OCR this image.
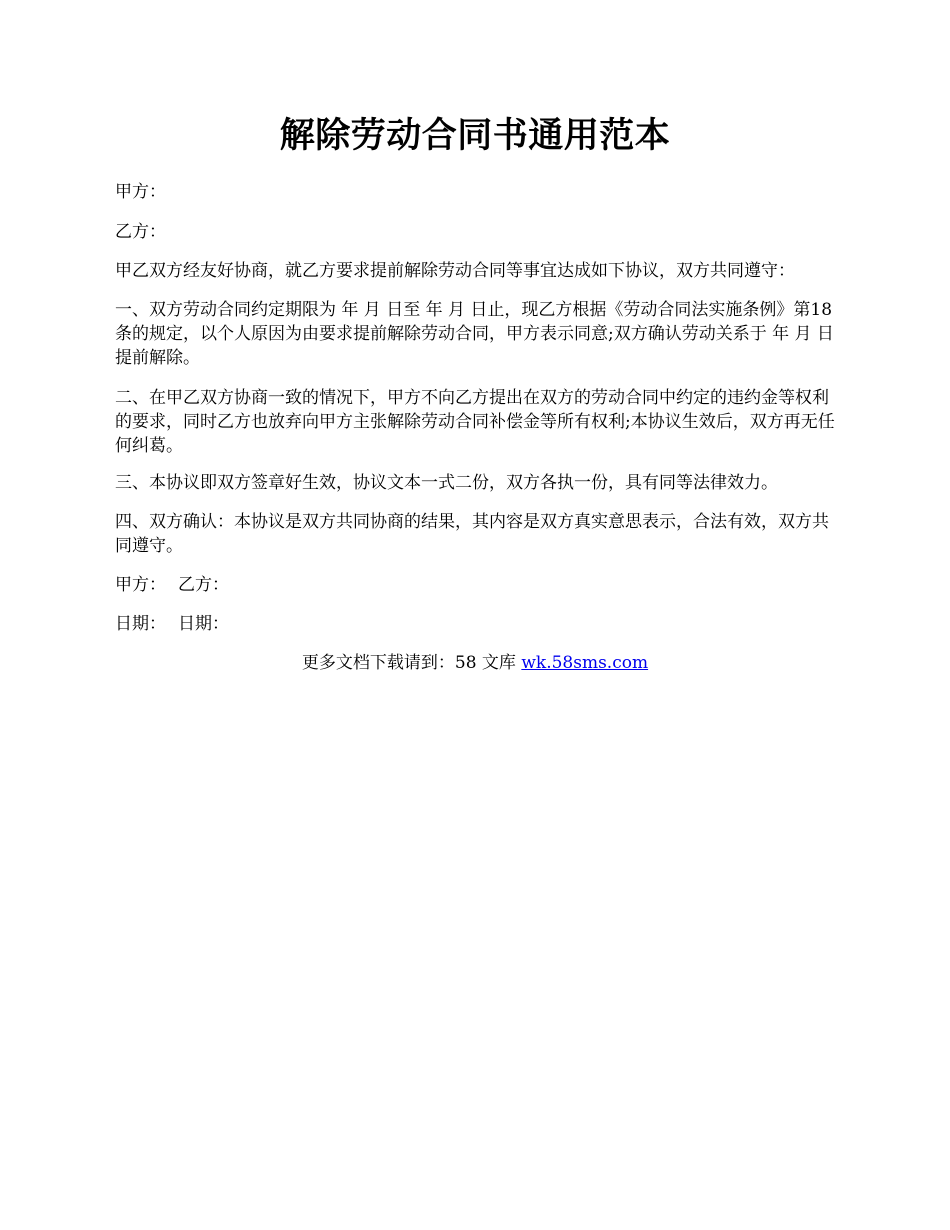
解除劳动合同书通用范本

甲方：

乙方：

甲乙双方经友好协商，就乙方要求提前解除劳动合同等事宜达成如下协议，双方共同遵守：

一、双方劳动合同约定期限为 年 月 日至 年 月 日止，现乙方根据《劳动合同法实施条例》第18条的规定，以个人原因为由要求提前解除劳动合同，甲方表示同意;双方确认劳动关系于 年 月 日提前解除。

二、在甲乙双方协商一致的情况下，甲方不向乙方提出在双方的劳动合同中约定的违约金等权利的要求，同时乙方也放弃向甲方主张解除劳动合同补偿金等所有权利;本协议生效后，双方再无任何纠葛。

三、本协议即双方签章好生效，协议文本一式二份，双方各执一份，具有同等法律效力。

四、双方确认：本协议是双方共同协商的结果，其内容是双方真实意思表示，合法有效，双方共同遵守。

甲方： 乙方：

日期： 日期：

更多文档下载请到：58 文库 wk.58sms.com
